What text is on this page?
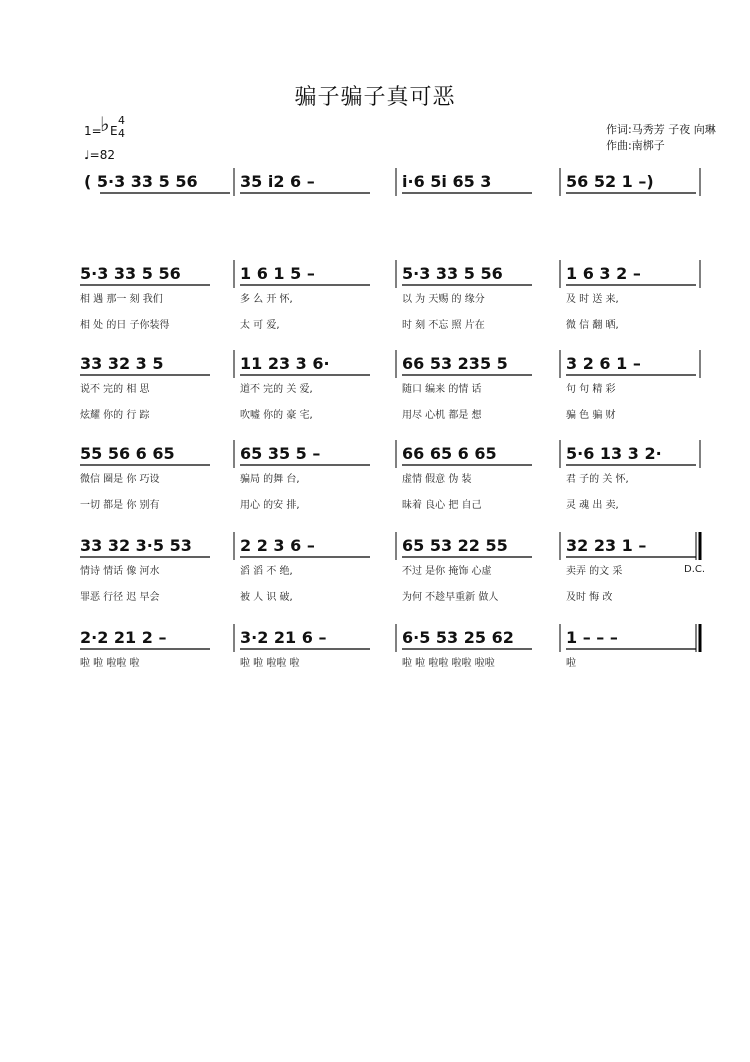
骗子骗子真可恶
1=
♭ E
4
4
♩=82
作词:马秀芳 子夜 向琳
作曲:南梆子
( 5·3 33 5 56	35 i2 6 –	i·6 5i 65 3	56 52 1 –)
5·3 33 5 56	1 6 1 5 –	5·3 33 5 56	1 6 3 2 –
相 遇 那一 刻 我们	多 么 开 怀,	以 为 天赐 的 缘分	及 时 送 来,
相 处 的日 子你装得	太 可 爱,	时 刻 不忘 照 片在	微 信 翻 晒,
33 32 3 5	11 23 3 6·	66 53 235 5	3 2 6 1 –
说不 完的 相 思	道不 完的 关 爱,	随口 编来 的情 话	句 句 精 彩
炫耀 你的 行 踪	吹嘘 你的 豪 宅,	用尽 心机 都是 想	骗 色 骗 财
55 56 6 65	65 35 5 –	66 65 6 65	5·6 13 3 2·
微信 圈是 你 巧设	骗局 的舞 台,	虚情 假意 伪 装	君 子的 关 怀,
一切 都是 你 别有	用心 的安 排,	昧着 良心 把 自己	灵 魂 出 卖,
33 32 3·5 53	2 2 3 6 –	65 53 22 55	32 23 1 –
情诗 情话 像 河水	滔 滔 不 绝,	不过 是你 掩饰 心虚	卖弄 的文 采
罪恶 行径 迟 早会	被 人 识 破,	为何 不趁早重新 做人	及时 悔 改
D.C.
2·2 21 2 –	3·2 21 6 –	6·5 53 25 62	1 – – –
啦 啦 啦啦 啦	啦 啦 啦啦 啦	啦 啦 啦啦 啦啦 啦啦	啦
